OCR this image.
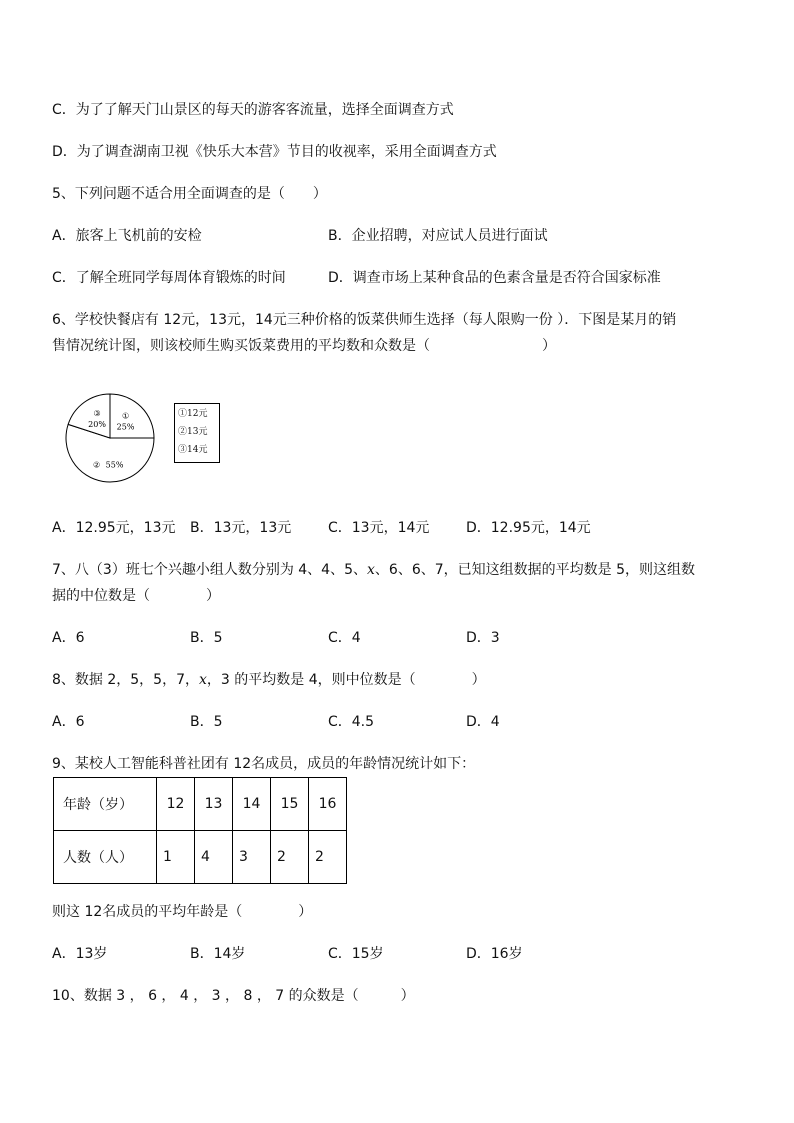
C．为了了解天门山景区的每天的游客客流量，选择全面调查方式
D．为了调查湖南卫视《快乐大本营》节目的收视率，采用全面调查方式
5、下列问题不适合用全面调查的是（　　）
A．旅客上飞机前的安检	B．企业招聘，对应试人员进行面试
C．了解全班同学每周体育锻炼的时间	D．调查市场上某种食品的色素含量是否符合国家标准
6、学校快餐店有 12元，13元，14元三种价格的饭菜供师生选择（每人限购一份 ）．下图是某月的销
售情况统计图，则该校师生购买饭菜费用的平均数和众数是（　　　　　　　　）
①
25%
② 55%
③
20%
①12元
②13元
③14元
A．12.95元，13元 B．13元，13元	C．13元，14元	D．12.95元，14元
7、八（3）班七个兴趣小组人数分别为 4、4、5、x、6、6、7，已知这组数据的平均数是 5，则这组数
据的中位数是（　　　　）
A．6	B．5	C．4	D．3
8、数据 2，5，5，7，x，3 的平均数是 4，则中位数是（　　　　）
A．6	B．5	C．4.5	D．4
9、某校人工智能科普社团有 12名成员，成员的年龄情况统计如下：
年龄（岁）	12	13	14	15	16
人数（人）	1	4	3	2	2
则这 12名成员的平均年龄是（　　　　）
A．13岁	B．14岁	C．15岁	D．16岁
10、数据 3 ， 6 ， 4 ， 3 ， 8 ， 7 的众数是（　　　）
